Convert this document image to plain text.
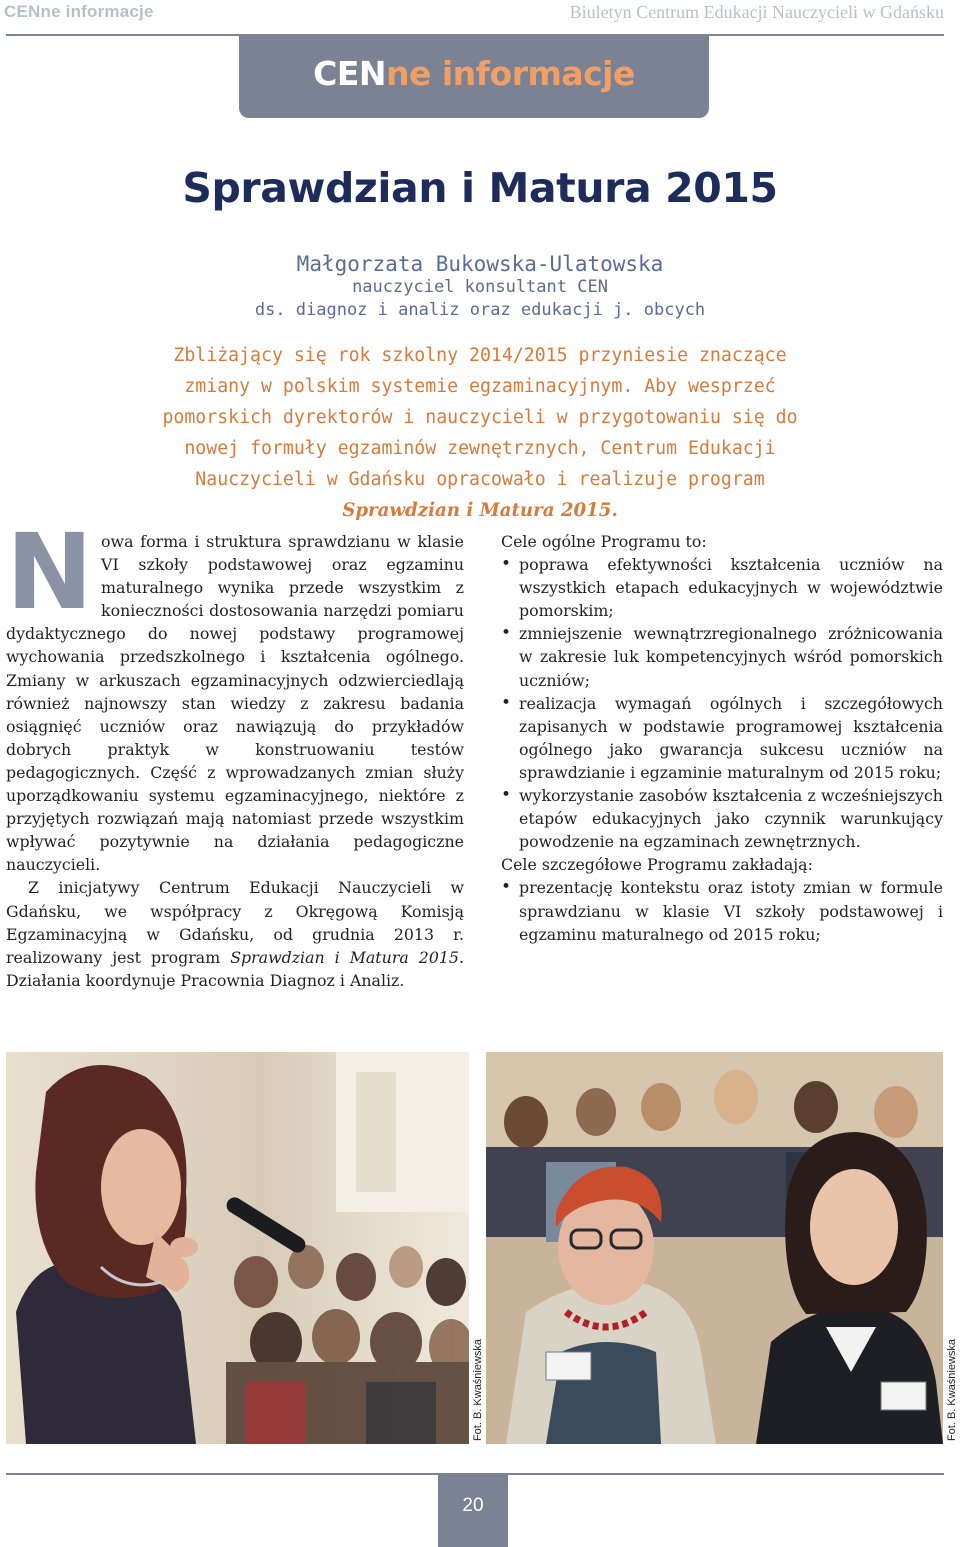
CENne informacje	Biuletyn Centrum Edukacji Nauczycieli w Gdańsku
CENne informacje
Sprawdzian i Matura 2015
Małgorzata Bukowska-Ulatowska
nauczyciel konsultant CEN
ds. diagnoz i analiz oraz edukacji j. obcych
Zbliżający się rok szkolny 2014/2015 przyniesie znaczące zmiany w polskim systemie egzaminacyjnym. Aby wesprzeć pomorskich dyrektorów i nauczycieli w przygotowaniu się do nowej formuły egzaminów zewnętrznych, Centrum Edukacji Nauczycieli w Gdańsku opracowało i realizuje program
Sprawdzian i Matura 2015.
Nowa forma i struktura sprawdzianu w klasie VI szkoły podstawowej oraz egzaminu maturalnego wynika przede wszystkim z konieczności dostosowania narzędzi pomiaru dydaktycznego do nowej podstawy programowej wychowania przedszkolnego i kształcenia ogólnego. Zmiany w arkuszach egzaminacyjnych odzwierciedlają również najnowszy stan wiedzy z zakresu badania osiągnięć uczniów oraz nawiązują do przykładów dobrych praktyk w konstruowaniu testów pedagogicznych. Część z wprowadzanych zmian służy uporządkowaniu systemu egzaminacyjnego, niektóre z przyjętych rozwiązań mają natomiast przede wszystkim wpływać pozytywnie na działania pedagogiczne nauczycieli.
Z inicjatywy Centrum Edukacji Nauczycieli w Gdańsku, we współpracy z Okręgową Komisją Egzaminacyjną w Gdańsku, od grudnia 2013 r. realizowany jest program Sprawdzian i Matura 2015. Działania koordynuje Pracownia Diagnoz i Analiz.
Cele ogólne Programu to:
• poprawa efektywności kształcenia uczniów na wszystkich etapach edukacyjnych w województwie pomorskim;
• zmniejszenie wewnątrzregionalnego zróżnicowania w zakresie luk kompetencyjnych wśród pomorskich uczniów;
• realizacja wymagań ogólnych i szczegółowych zapisanych w podstawie programowej kształcenia ogólnego jako gwarancja sukcesu uczniów na sprawdzianie i egzaminie maturalnym od 2015 roku;
• wykorzystanie zasobów kształcenia z wcześniejszych etapów edukacyjnych jako czynnik warunkujący powodzenie na egzaminach zewnętrznych.
Cele szczegółowe Programu zakładają:
• prezentację kontekstu oraz istoty zmian w formule sprawdzianu w klasie VI szkoły podstawowej i egzaminu maturalnego od 2015 roku;
Fot. B. Kwaśniewska	Fot. B. Kwaśniewska
20
